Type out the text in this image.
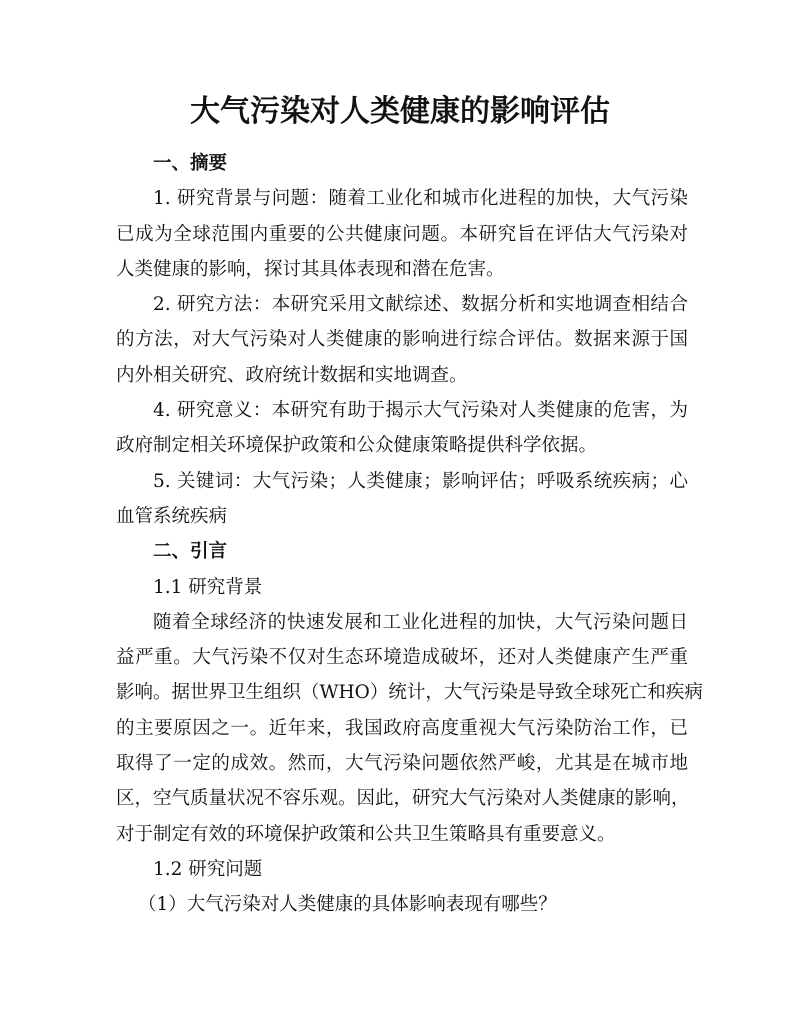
大气污染对人类健康的影响评估
一、摘要
1. 研究背景与问题：随着工业化和城市化进程的加快，大气污染
已成为全球范围内重要的公共健康问题。本研究旨在评估大气污染对
人类健康的影响，探讨其具体表现和潜在危害。
2. 研究方法：本研究采用文献综述、数据分析和实地调查相结合
的方法，对大气污染对人类健康的影响进行综合评估。数据来源于国
内外相关研究、政府统计数据和实地调查。
4. 研究意义：本研究有助于揭示大气污染对人类健康的危害，为
政府制定相关环境保护政策和公众健康策略提供科学依据。
5. 关键词：大气污染；人类健康；影响评估；呼吸系统疾病；心
血管系统疾病
二、引言
1.1 研究背景
随着全球经济的快速发展和工业化进程的加快，大气污染问题日
益严重。大气污染不仅对生态环境造成破坏，还对人类健康产生严重
影响。据世界卫生组织（WHO）统计，大气污染是导致全球死亡和疾病
的主要原因之一。近年来，我国政府高度重视大气污染防治工作，已
取得了一定的成效。然而，大气污染问题依然严峻，尤其是在城市地
区，空气质量状况不容乐观。因此，研究大气污染对人类健康的影响，
对于制定有效的环境保护政策和公共卫生策略具有重要意义。
1.2 研究问题
（1）大气污染对人类健康的具体影响表现有哪些？
